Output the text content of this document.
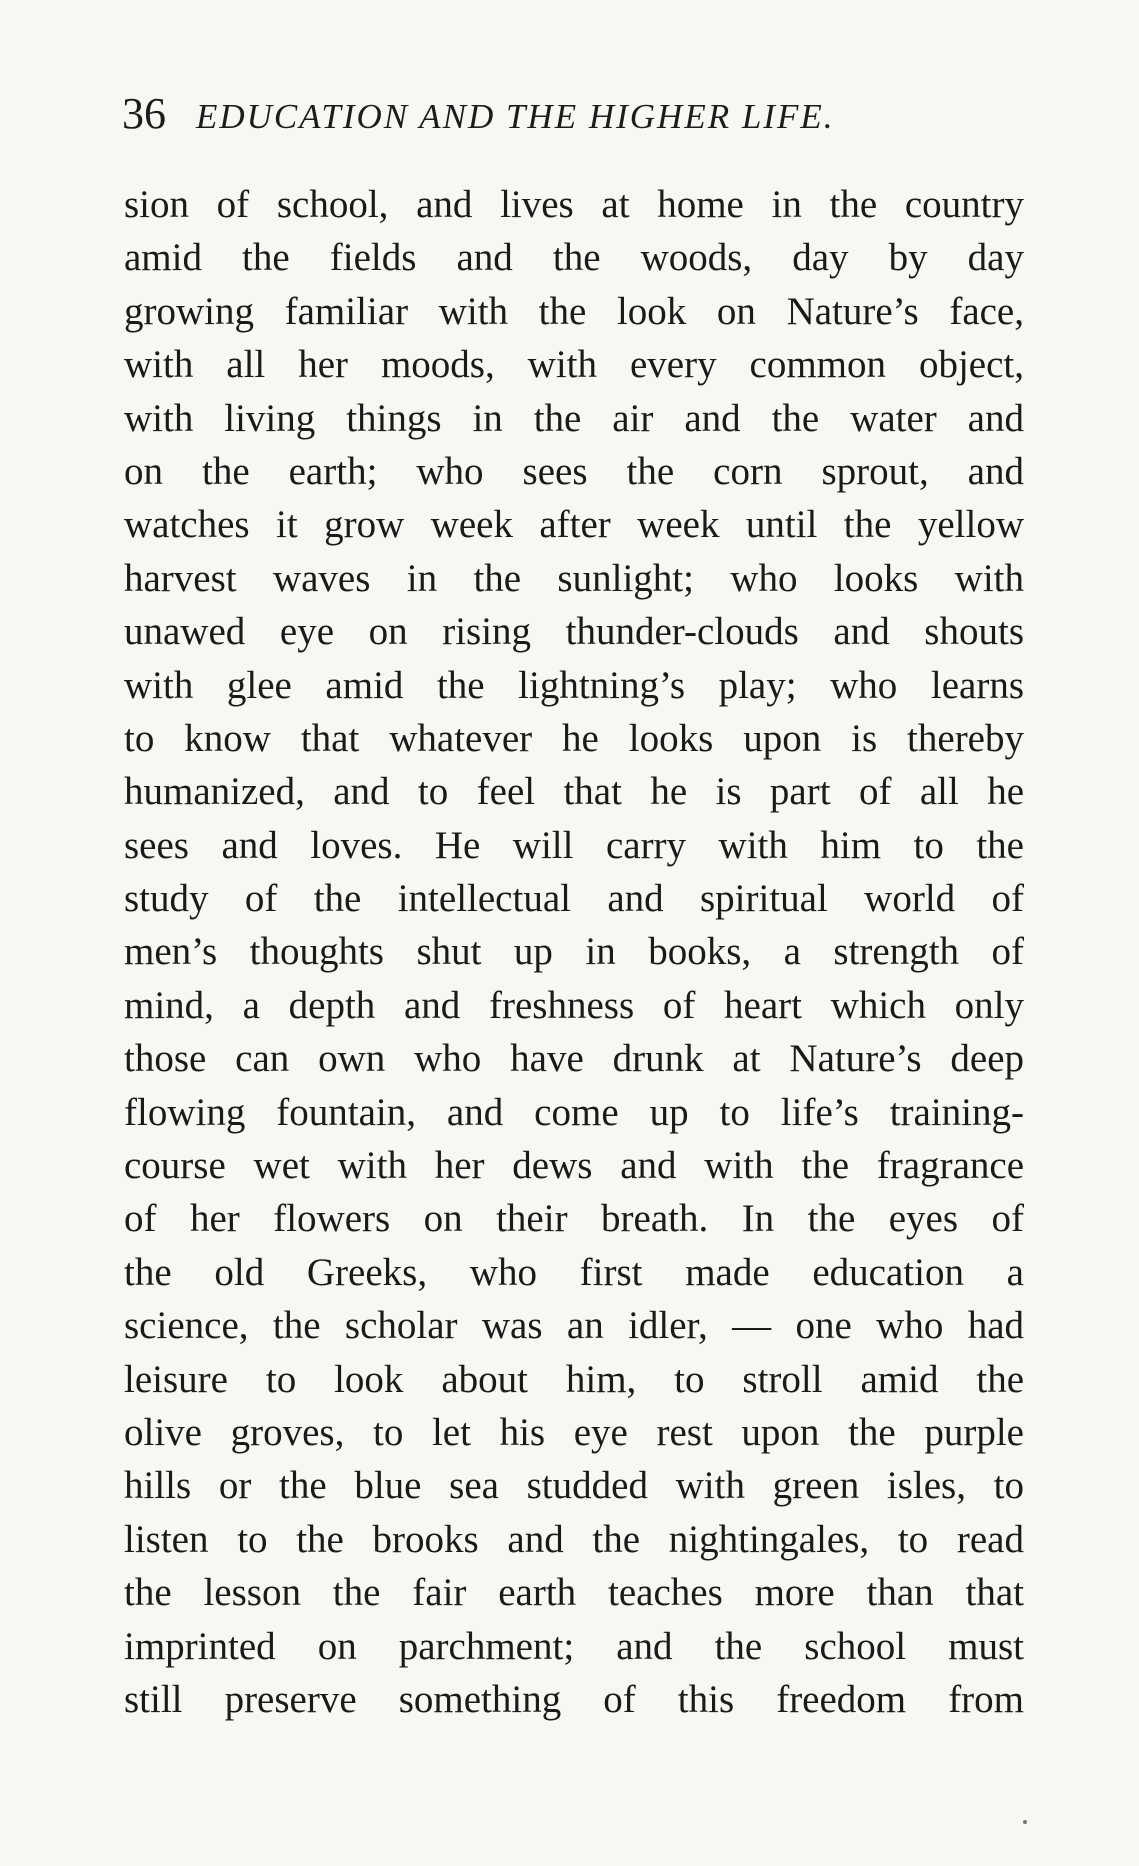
36 EDUCATION AND THE HIGHER LIFE.
sion of school, and lives at home in the country
amid the fields and the woods, day by day
growing familiar with the look on Nature’s face,
with all her moods, with every common object,
with living things in the air and the water and
on the earth; who sees the corn sprout, and
watches it grow week after week until the yellow
harvest waves in the sunlight; who looks with
unawed eye on rising thunder-clouds and shouts
with glee amid the lightning’s play; who learns
to know that whatever he looks upon is thereby
humanized, and to feel that he is part of all he
sees and loves. He will carry with him to the
study of the intellectual and spiritual world of
men’s thoughts shut up in books, a strength of
mind, a depth and freshness of heart which only
those can own who have drunk at Nature’s deep
flowing fountain, and come up to life’s training-
course wet with her dews and with the fragrance
of her flowers on their breath. In the eyes of
the old Greeks, who first made education a
science, the scholar was an idler, — one who had
leisure to look about him, to stroll amid the
olive groves, to let his eye rest upon the purple
hills or the blue sea studded with green isles, to
listen to the brooks and the nightingales, to read
the lesson the fair earth teaches more than that
imprinted on parchment; and the school must
still preserve something of this freedom from
